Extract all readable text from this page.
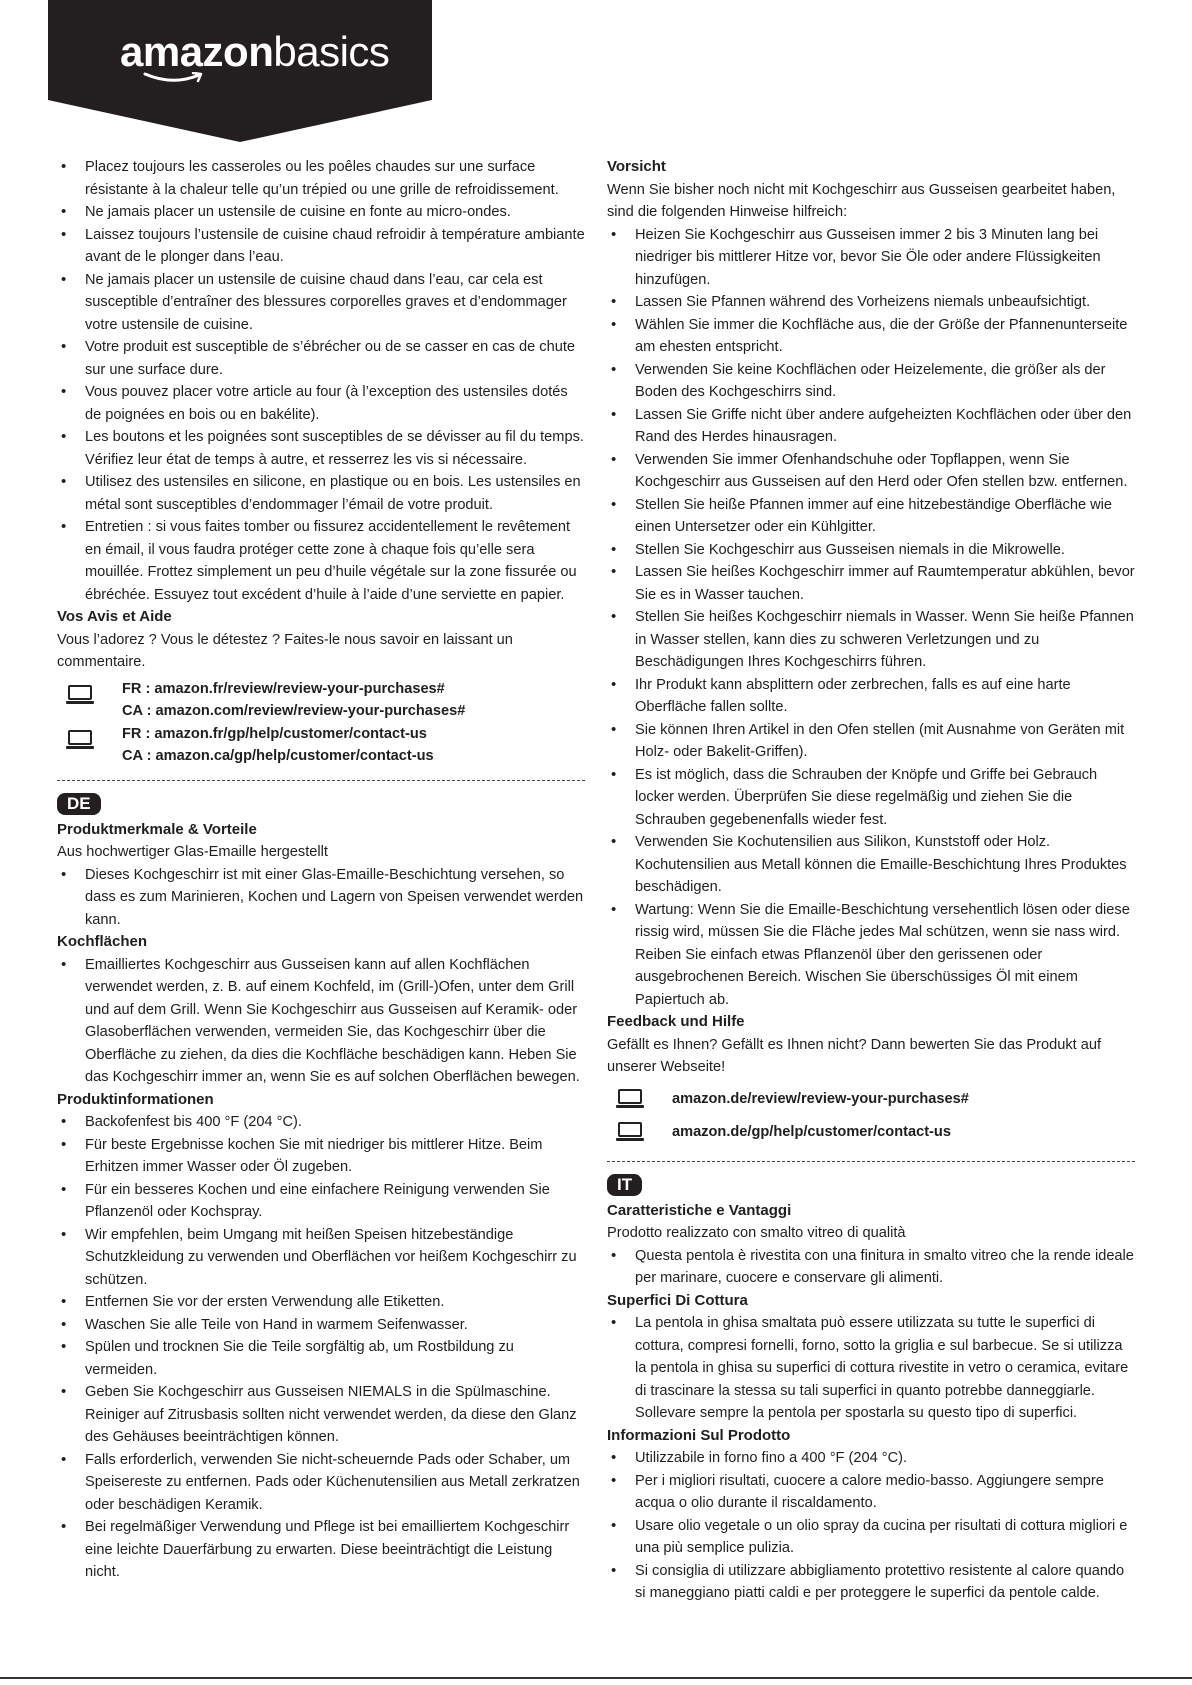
amazonbasics
• Placez toujours les casseroles ou les poêles chaudes sur une surface résistante à la chaleur telle qu’un trépied ou une grille de refroidissement.
• Ne jamais placer un ustensile de cuisine en fonte au micro-ondes.
• Laissez toujours l’ustensile de cuisine chaud refroidir à température ambiante avant de le plonger dans l’eau.
• Ne jamais placer un ustensile de cuisine chaud dans l’eau, car cela est susceptible d’entraîner des blessures corporelles graves et d’endommager votre ustensile de cuisine.
• Votre produit est susceptible de s’ébrécher ou de se casser en cas de chute sur une surface dure.
• Vous pouvez placer votre article au four (à l’exception des ustensiles dotés de poignées en bois ou en bakélite).
• Les boutons et les poignées sont susceptibles de se dévisser au fil du temps. Vérifiez leur état de temps à autre, et resserrez les vis si nécessaire.
• Utilisez des ustensiles en silicone, en plastique ou en bois. Les ustensiles en métal sont susceptibles d’endommager l’émail de votre produit.
• Entretien : si vous faites tomber ou fissurez accidentellement le revêtement en émail, il vous faudra protéger cette zone à chaque fois qu’elle sera mouillée. Frottez simplement un peu d’huile végétale sur la zone fissurée ou ébréchée. Essuyez tout excédent d’huile à l’aide d’une serviette en papier.

Vos Avis et Aide

Vous l’adorez ? Vous le détestez ? Faites-le nous savoir en laissant un commentaire.

FR : amazon.fr/review/review-your-purchases#
CA : amazon.com/review/review-your-purchases#
FR : amazon.fr/gp/help/customer/contact-us
CA : amazon.ca/gp/help/customer/contact-us
DE

Produktmerkmale & Vorteile

Aus hochwertiger Glas-Emaille hergestellt

• Dieses Kochgeschirr ist mit einer Glas-Emaille-Beschichtung versehen, so dass es zum Marinieren, Kochen und Lagern von Speisen verwendet werden kann.

Kochflächen

• Emailliertes Kochgeschirr aus Gusseisen kann auf allen Kochflächen verwendet werden, z. B. auf einem Kochfeld, im (Grill-)Ofen, unter dem Grill und auf dem Grill. Wenn Sie Kochgeschirr aus Gusseisen auf Keramik- oder Glasoberflächen verwenden, vermeiden Sie, das Kochgeschirr über die Oberfläche zu ziehen, da dies die Kochfläche beschädigen kann. Heben Sie das Kochgeschirr immer an, wenn Sie es auf solchen Oberflächen bewegen.

Produktinformationen

• Backofenfest bis 400 °F (204 °C).
• Für beste Ergebnisse kochen Sie mit niedriger bis mittlerer Hitze. Beim Erhitzen immer Wasser oder Öl zugeben.
• Für ein besseres Kochen und eine einfachere Reinigung verwenden Sie Pflanzenöl oder Kochspray.
• Wir empfehlen, beim Umgang mit heißen Speisen hitzebeständige Schutzkleidung zu verwenden und Oberflächen vor heißem Kochgeschirr zu schützen.
• Entfernen Sie vor der ersten Verwendung alle Etiketten.
• Waschen Sie alle Teile von Hand in warmem Seifenwasser.
• Spülen und trocknen Sie die Teile sorgfältig ab, um Rostbildung zu vermeiden.
• Geben Sie Kochgeschirr aus Gusseisen NIEMALS in die Spülmaschine. Reiniger auf Zitrusbasis sollten nicht verwendet werden, da diese den Glanz des Gehäuses beeinträchtigen können.
• Falls erforderlich, verwenden Sie nicht-scheuernde Pads oder Schaber, um Speisereste zu entfernen. Pads oder Küchenutensilien aus Metall zerkratzen oder beschädigen Keramik.
• Bei regelmäßiger Verwendung und Pflege ist bei emailliertem Kochgeschirr eine leichte Dauerfärbung zu erwarten. Diese beeinträchtigt die Leistung nicht.

Vorsicht

Wenn Sie bisher noch nicht mit Kochgeschirr aus Gusseisen gearbeitet haben, sind die folgenden Hinweise hilfreich:

• Heizen Sie Kochgeschirr aus Gusseisen immer 2 bis 3 Minuten lang bei niedriger bis mittlerer Hitze vor, bevor Sie Öle oder andere Flüssigkeiten hinzufügen.
• Lassen Sie Pfannen während des Vorheizens niemals unbeaufsichtigt.
• Wählen Sie immer die Kochfläche aus, die der Größe der Pfannenunterseite am ehesten entspricht.
• Verwenden Sie keine Kochflächen oder Heizelemente, die größer als der Boden des Kochgeschirrs sind.
• Lassen Sie Griffe nicht über andere aufgeheizten Kochflächen oder über den Rand des Herdes hinausragen.
• Verwenden Sie immer Ofenhandschuhe oder Topflappen, wenn Sie Kochgeschirr aus Gusseisen auf den Herd oder Ofen stellen bzw. entfernen.
• Stellen Sie heiße Pfannen immer auf eine hitzebeständige Oberfläche wie einen Untersetzer oder ein Kühlgitter.
• Stellen Sie Kochgeschirr aus Gusseisen niemals in die Mikrowelle.
• Lassen Sie heißes Kochgeschirr immer auf Raumtemperatur abkühlen, bevor Sie es in Wasser tauchen.
• Stellen Sie heißes Kochgeschirr niemals in Wasser. Wenn Sie heiße Pfannen in Wasser stellen, kann dies zu schweren Verletzungen und zu Beschädigungen Ihres Kochgeschirrs führen.
• Ihr Produkt kann absplittern oder zerbrechen, falls es auf eine harte Oberfläche fallen sollte.
• Sie können Ihren Artikel in den Ofen stellen (mit Ausnahme von Geräten mit Holz- oder Bakelit-Griffen).
• Es ist möglich, dass die Schrauben der Knöpfe und Griffe bei Gebrauch locker werden. Überprüfen Sie diese regelmäßig und ziehen Sie die Schrauben gegebenenfalls wieder fest.
• Verwenden Sie Kochutensilien aus Silikon, Kunststoff oder Holz. Kochutensilien aus Metall können die Emaille-Beschichtung Ihres Produktes beschädigen.
• Wartung: Wenn Sie die Emaille-Beschichtung versehentlich lösen oder diese rissig wird, müssen Sie die Fläche jedes Mal schützen, wenn sie nass wird. Reiben Sie einfach etwas Pflanzenöl über den gerissenen oder ausgebrochenen Bereich. Wischen Sie überschüssiges Öl mit einem Papiertuch ab.

Feedback und Hilfe

Gefällt es Ihnen? Gefällt es Ihnen nicht? Dann bewerten Sie das Produkt auf unserer Webseite!

amazon.de/review/review-your-purchases#
amazon.de/gp/help/customer/contact-us
IT

Caratteristiche e Vantaggi

Prodotto realizzato con smalto vitreo di qualità

• Questa pentola è rivestita con una finitura in smalto vitreo che la rende ideale per marinare, cuocere e conservare gli alimenti.

Superfici Di Cottura

• La pentola in ghisa smaltata può essere utilizzata su tutte le superfici di cottura, compresi fornelli, forno, sotto la griglia e sul barbecue. Se si utilizza la pentola in ghisa su superfici di cottura rivestite in vetro o ceramica, evitare di trascinare la stessa su tali superfici in quanto potrebbe danneggiarle. Sollevare sempre la pentola per spostarla su questo tipo di superfici.

Informazioni Sul Prodotto

• Utilizzabile in forno fino a 400 °F (204 °C).
• Per i migliori risultati, cuocere a calore medio-basso. Aggiungere sempre acqua o olio durante il riscaldamento.
• Usare olio vegetale o un olio spray da cucina per risultati di cottura migliori e una più semplice pulizia.
• Si consiglia di utilizzare abbigliamento protettivo resistente al calore quando si maneggiano piatti caldi e per proteggere le superfici da pentole calde.
